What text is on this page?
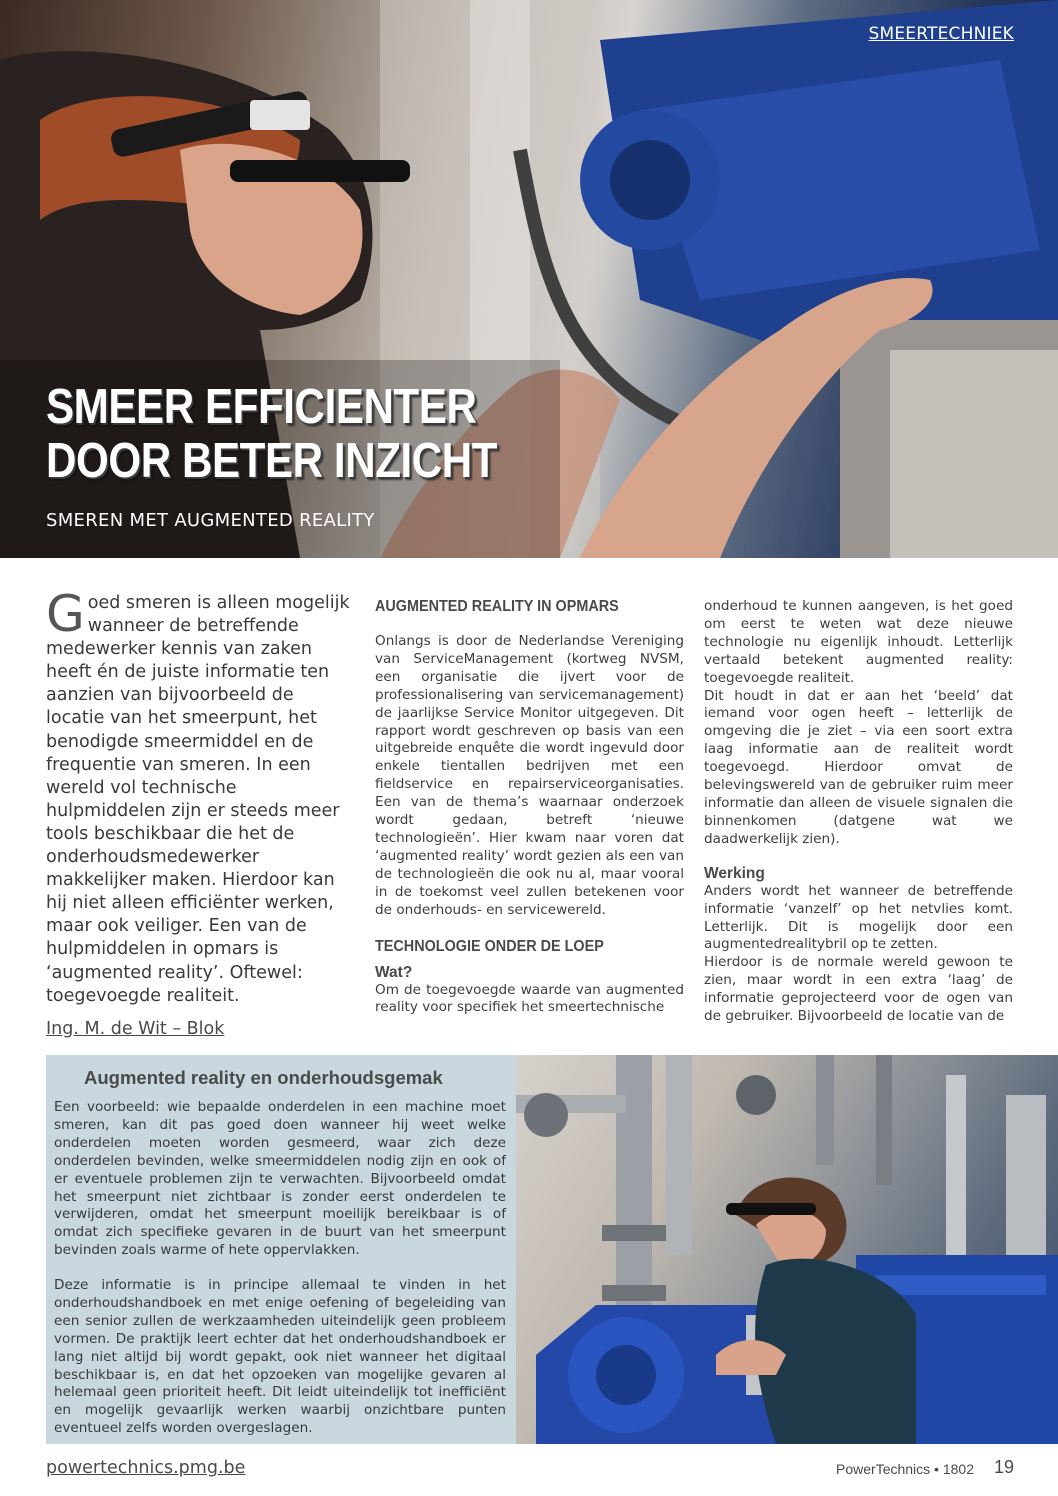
SMEERTECHNIEK
SMEER EFFICIENTER
DOOR BETER INZICHT
SMEREN MET AUGMENTED REALITY
Goed smeren is alleen mogelijk wanneer de betreffende medewerker kennis van zaken heeft én de juiste informatie ten aanzien van bijvoorbeeld de locatie van het smeerpunt, het benodigde smeermiddel en de frequentie van smeren. In een wereld vol technische hulpmiddelen zijn er steeds meer tools beschikbaar die het de onderhoudsmedewerker makkelijker maken. Hierdoor kan hij niet alleen efficiënter werken, maar ook veiliger. Een van de hulpmiddelen in opmars is ‘augmented reality’. Oftewel: toegevoegde realiteit.
Ing. M. de Wit – Blok
AUGMENTED REALITY IN OPMARS

Onlangs is door de Nederlandse Vereniging van ServiceManagement (kortweg NVSM, een organisatie die ijvert voor de professionalisering van servicemanagement) de jaarlijkse Service Monitor uitgegeven. Dit rapport wordt geschreven op basis van een uitgebreide enquête die wordt ingevuld door enkele tientallen bedrijven met een fieldservice en repairserviceorganisaties. Een van de thema’s waarnaar onderzoek wordt gedaan, betreft ‘nieuwe technologieën’. Hier kwam naar voren dat ‘augmented reality’ wordt gezien als een van de technologieën die ook nu al, maar vooral in de toekomst veel zullen betekenen voor de onderhouds- en servicewereld.

TECHNOLOGIE ONDER DE LOEP
Wat?

Om de toegevoegde waarde van augmented reality voor specifiek het smeertechnische

onderhoud te kunnen aangeven, is het goed om eerst te weten wat deze nieuwe technologie nu eigenlijk inhoudt. Letterlijk vertaald betekent augmented reality: toegevoegde realiteit.

Dit houdt in dat er aan het ‘beeld’ dat iemand voor ogen heeft – letterlijk de omgeving die je ziet – via een soort extra laag informatie aan de realiteit wordt toegevoegd. Hierdoor omvat de belevingswereld van de gebruiker ruim meer informatie dan alleen de visuele signalen die binnenkomen (datgene wat we daadwerkelijk zien).

Werking

Anders wordt het wanneer de betreffende informatie ‘vanzelf’ op het netvlies komt. Letterlijk. Dit is mogelijk door een augmentedrealitybril op te zetten.

Hierdoor is de normale wereld gewoon te zien, maar wordt in een extra ‘laag’ de informatie geprojecteerd voor de ogen van de gebruiker. Bijvoorbeeld de locatie van de

Augmented reality en onderhoudsgemak

Een voorbeeld: wie bepaalde onderdelen in een machine moet smeren, kan dit pas goed doen wanneer hij weet welke onderdelen moeten worden gesmeerd, waar zich deze onderdelen bevinden, welke smeermiddelen nodig zijn en ook of er eventuele problemen zijn te verwachten. Bijvoorbeeld omdat het smeerpunt niet zichtbaar is zonder eerst onderdelen te verwijderen, omdat het smeerpunt moeilijk bereikbaar is of omdat zich specifieke gevaren in de buurt van het smeerpunt bevinden zoals warme of hete oppervlakken.

Deze informatie is in principe allemaal te vinden in het onderhoudshandboek en met enige oefening of begeleiding van een senior zullen de werkzaamheden uiteindelijk geen probleem vormen. De praktijk leert echter dat het onderhoudshandboek er lang niet altijd bij wordt gepakt, ook niet wanneer het digitaal beschikbaar is, en dat het opzoeken van mogelijke gevaren al helemaal geen prioriteit heeft. Dit leidt uiteindelijk tot inefficiënt en mogelijk gevaarlijk werken waarbij onzichtbare punten eventueel zelfs worden overgeslagen.

powertechnics.pmg.be	PowerTechnics • 1802 19
